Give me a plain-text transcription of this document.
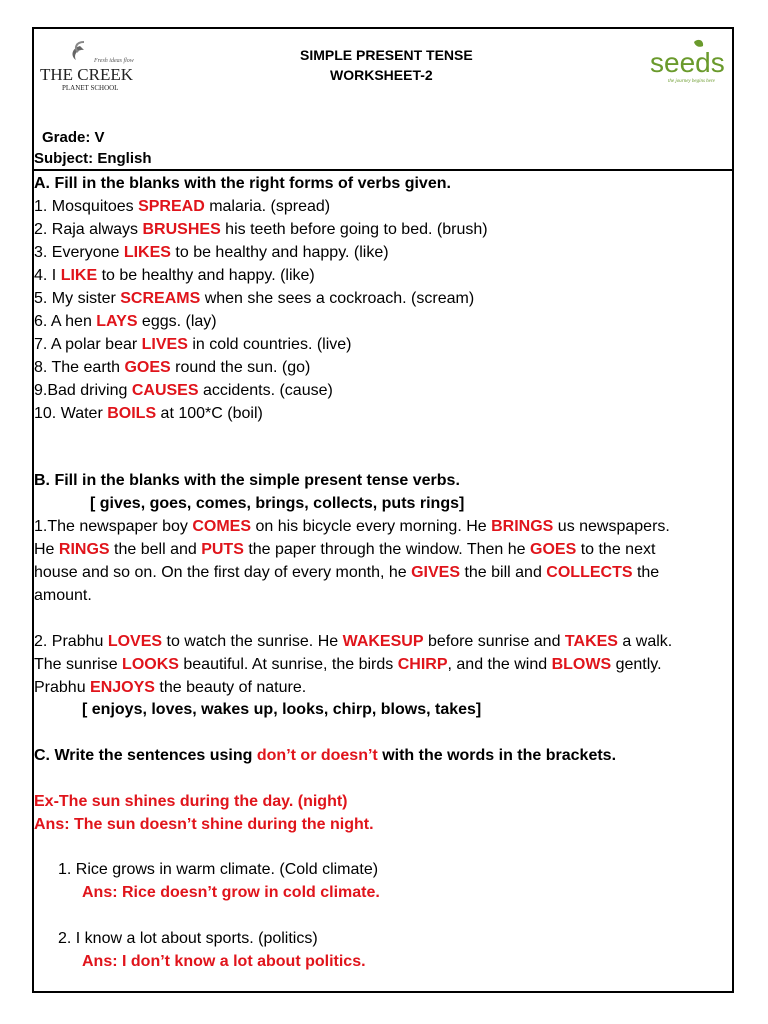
Fresh ideas flow
THE CREEK
PLANET SCHOOL
seeds
the journey begins here
SIMPLE PRESENT TENSE
WORKSHEET-2
Grade: V
Subject: English
A. Fill in the blanks with the right forms of verbs given.
1. Mosquitoes SPREAD malaria. (spread)
2. Raja always BRUSHES his teeth before going to bed. (brush)
3. Everyone LIKES to be healthy and happy. (like)
4. I LIKE to be healthy and happy. (like)
5. My sister SCREAMS when she sees a cockroach. (scream)
6. A hen LAYS eggs. (lay)
7. A polar bear LIVES in cold countries. (live)
8. The earth GOES round the sun. (go)
9.Bad driving CAUSES accidents. (cause)
10. Water BOILS at 100*C (boil)
B. Fill in the blanks with the simple present tense verbs.
[ gives, goes, comes, brings, collects, puts rings]
1.The newspaper boy COMES on his bicycle every morning. He BRINGS us newspapers.
He RINGS the bell and PUTS the paper through the window. Then he GOES to the next
house and so on. On the first day of every month, he GIVES the bill and COLLECTS the
amount.
2. Prabhu LOVES to watch the sunrise. He WAKESUP before sunrise and TAKES a walk.
The sunrise LOOKS beautiful. At sunrise, the birds CHIRP, and the wind BLOWS gently.
Prabhu ENJOYS the beauty of nature.
[ enjoys, loves, wakes up, looks, chirp, blows, takes]
C. Write the sentences using don’t or doesn’t with the words in the brackets.
Ex-The sun shines during the day. (night)
Ans: The sun doesn’t shine during the night.
1. Rice grows in warm climate. (Cold climate)
Ans: Rice doesn’t grow in cold climate.
2. I know a lot about sports. (politics)
Ans: I don’t know a lot about politics.
